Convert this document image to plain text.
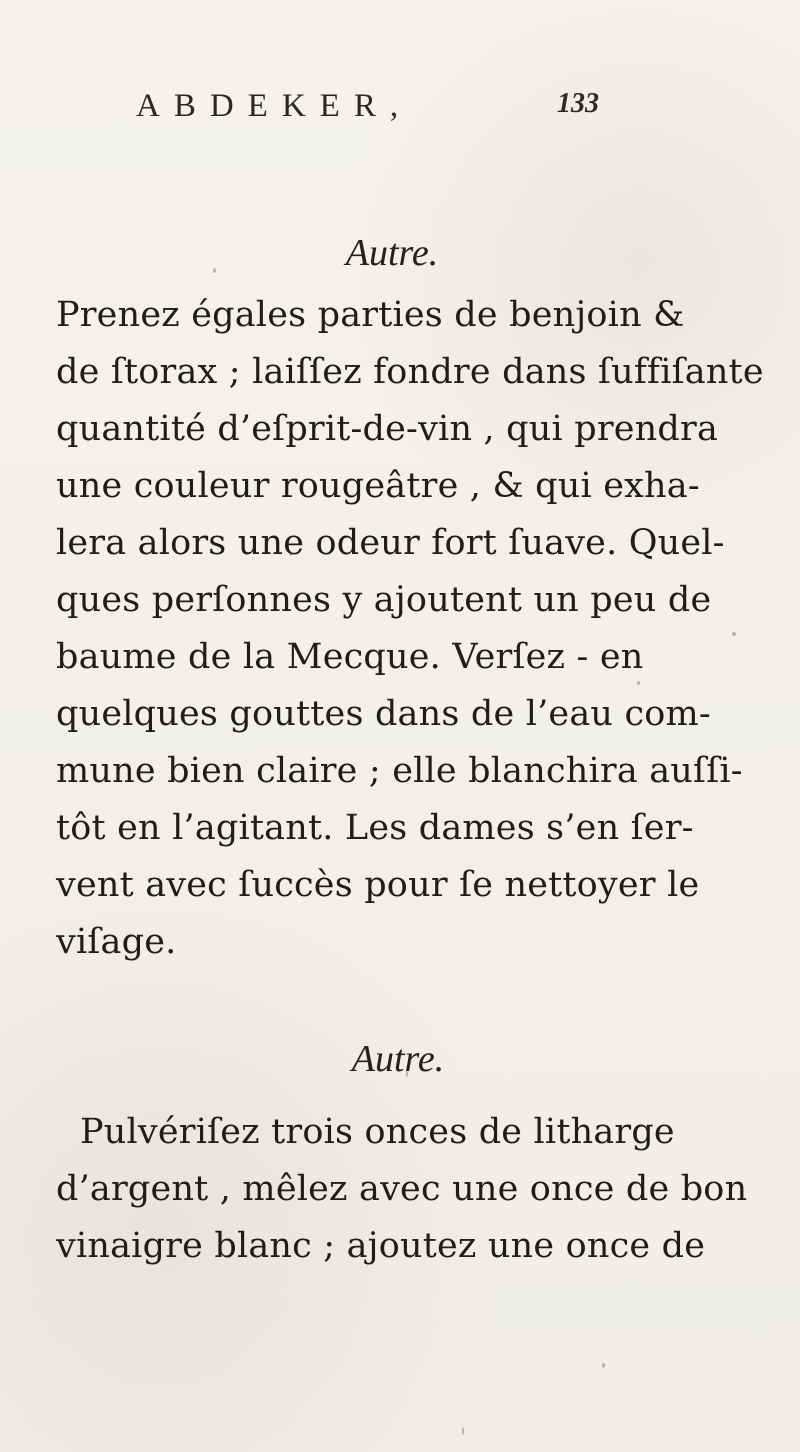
ABDEKER,	133
Autre.
Prenez égales parties de benjoin &
de ſtorax ; laiſſez fondre dans ſuffiſante
quantité d’eſprit-de-vin , qui prendra
une couleur rougeâtre , & qui exha-
lera alors une odeur fort ſuave. Quel-
ques perſonnes y ajoutent un peu de
baume de la Mecque. Verſez - en
quelques gouttes dans de l’eau com-
mune bien claire ; elle blanchira auſſi-
tôt en l’agitant. Les dames s’en ſer-
vent avec ſuccès pour ſe nettoyer le
viſage.
Autre.
Pulvériſez trois onces de litharge
d’argent , mêlez avec une once de bon
vinaigre blanc ; ajoutez une once de
